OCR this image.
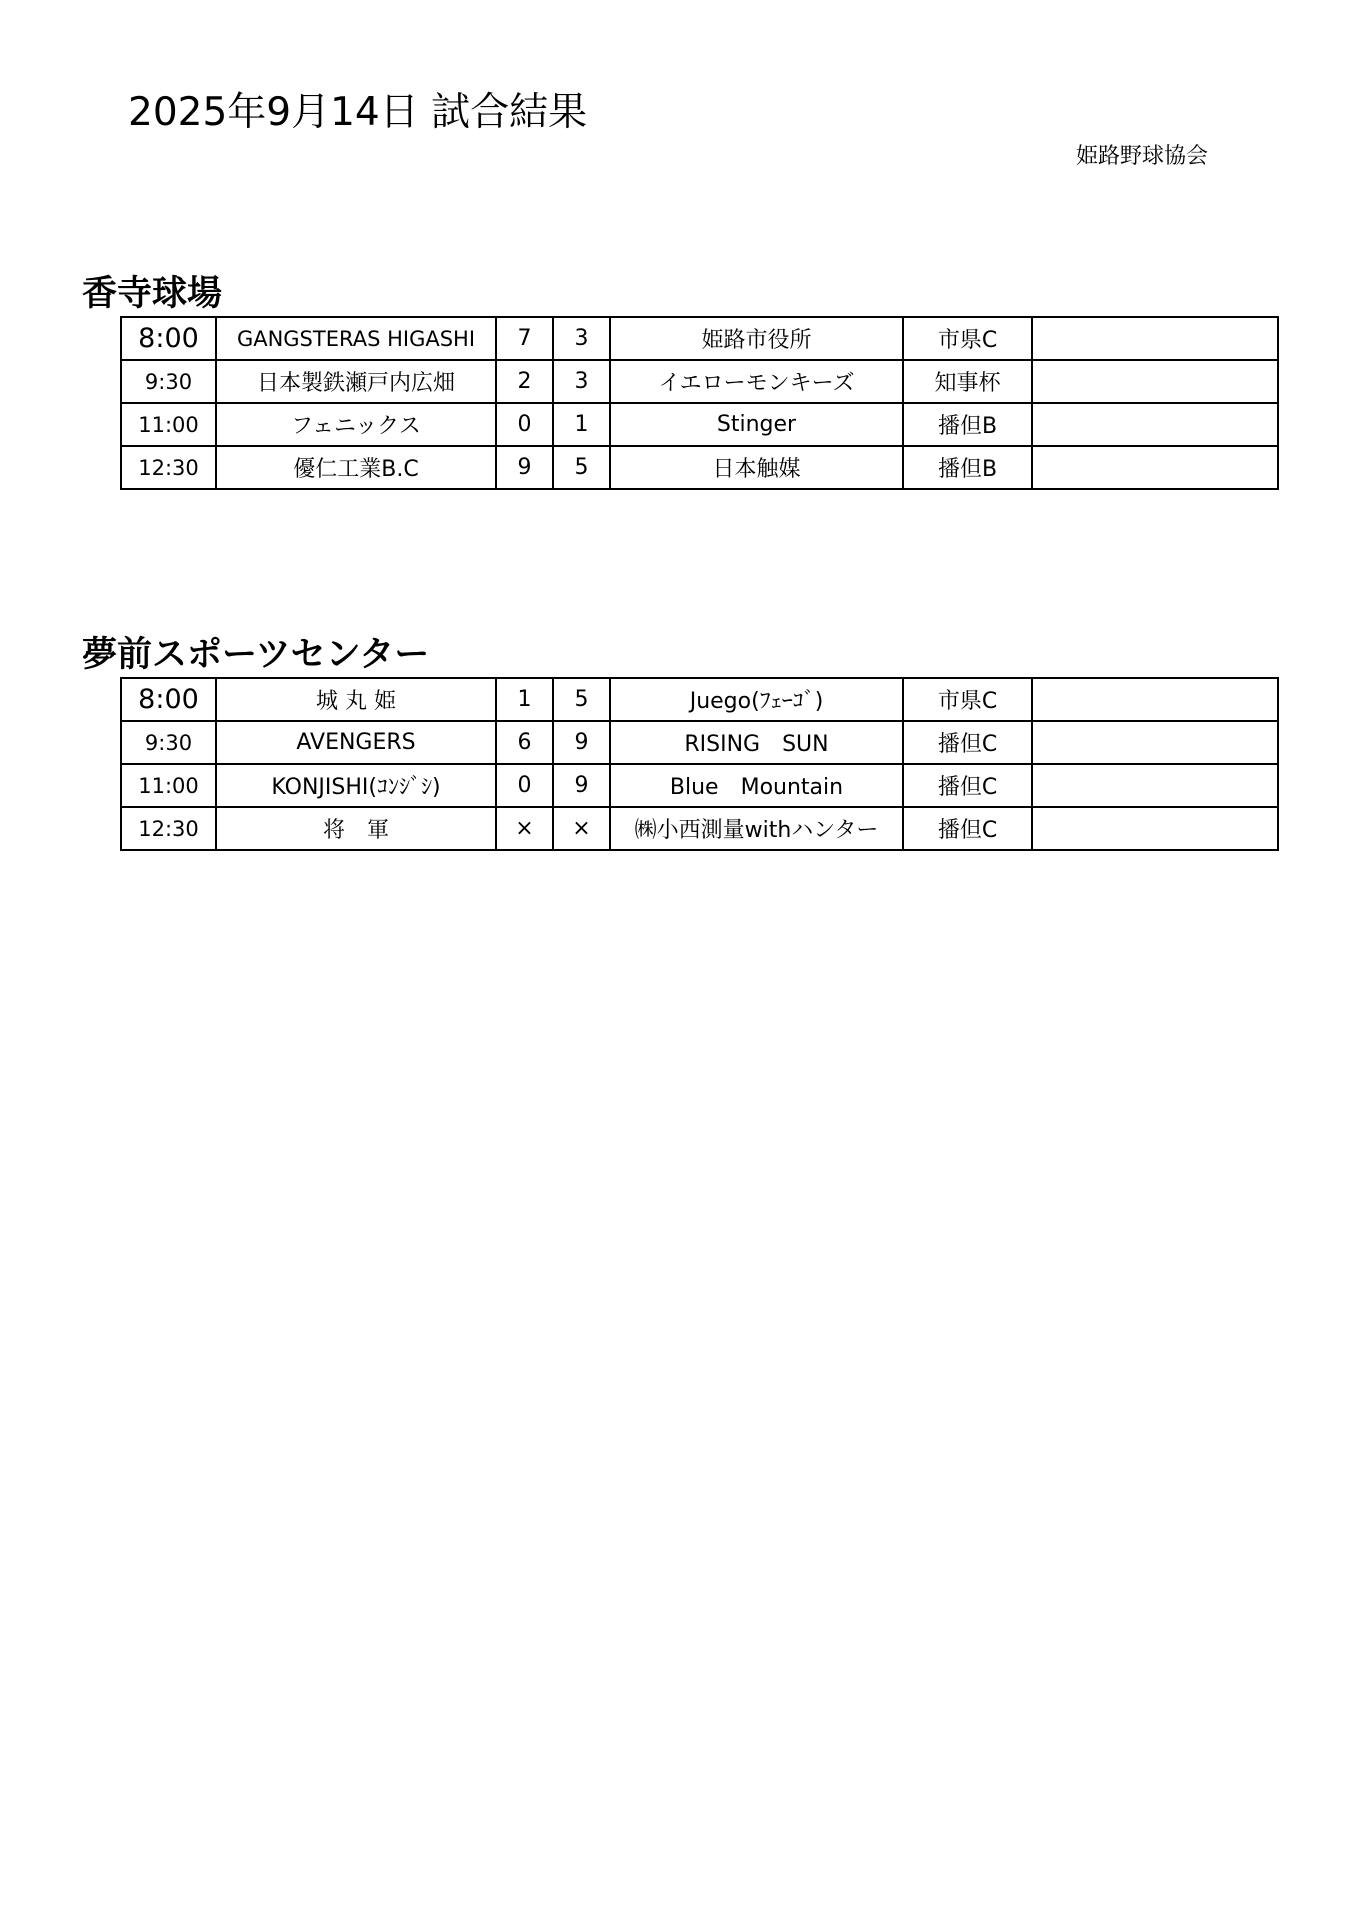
2025年9月14日 試合結果
姫路野球協会
香寺球場
8:00	GANGSTERAS HIGASHI	7	3	姫路市役所	市県C	
9:30	日本製鉄瀬戸内広畑	2	3	イエローモンキーズ	知事杯	
11:00	フェニックス	0	1	Stinger	播但B	
12:30	優仁工業B.C	9	5	日本触媒	播但B	
夢前スポーツセンター
8:00	城 丸 姫	1	5	Juego(ﾌｪｰｺﾞ)	市県C	
9:30	AVENGERS	6	9	RISING　SUN	播但C	
11:00	KONJISHI(ｺﾝｼﾞｼ)	0	9	Blue　Mountain	播但C	
12:30	将　軍	×	×	㈱小西測量withハンター	播但C	
